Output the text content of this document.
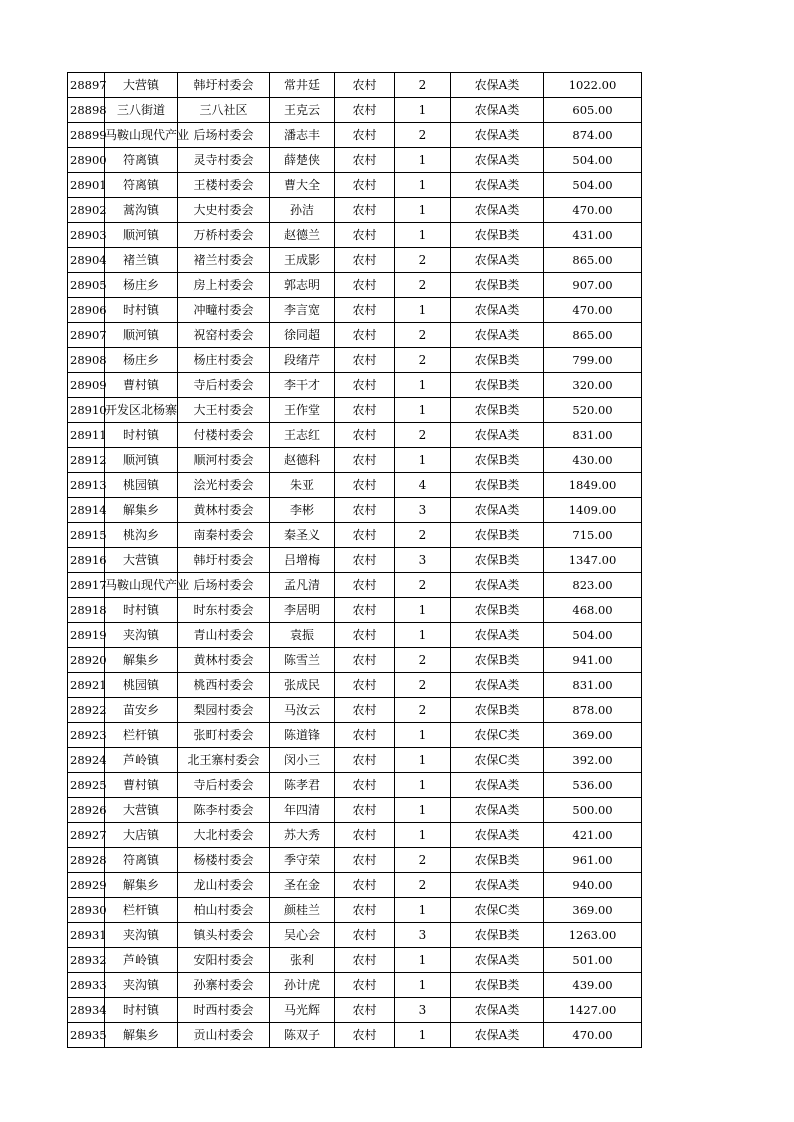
28897	大营镇	韩圩村委会	常井廷	农村	2	农保A类	1022.00
28898	三八街道	三八社区	王克云	农村	1	农保A类	605.00
28899	马鞍山现代产业	后场村委会	潘志丰	农村	2	农保A类	874.00
28900	符离镇	灵寺村委会	薛楚侠	农村	1	农保A类	504.00
28901	符离镇	王楼村委会	曹大全	农村	1	农保A类	504.00
28902	蒿沟镇	大史村委会	孙洁	农村	1	农保A类	470.00
28903	顺河镇	万桥村委会	赵德兰	农村	1	农保B类	431.00
28904	褚兰镇	褚兰村委会	王成影	农村	2	农保A类	865.00
28905	杨庄乡	房上村委会	郭志明	农村	2	农保B类	907.00
28906	时村镇	冲疃村委会	李言宽	农村	1	农保A类	470.00
28907	顺河镇	祝窑村委会	徐同超	农村	2	农保A类	865.00
28908	杨庄乡	杨庄村委会	段绪芹	农村	2	农保B类	799.00
28909	曹村镇	寺后村委会	李干才	农村	1	农保B类	320.00
28910	开发区北杨寨	大王村委会	王作堂	农村	1	农保B类	520.00
28911	时村镇	付楼村委会	王志红	农村	2	农保A类	831.00
28912	顺河镇	顺河村委会	赵德科	农村	1	农保B类	430.00
28913	桃园镇	浍光村委会	朱亚	农村	4	农保B类	1849.00
28914	解集乡	黄林村委会	李彬	农村	3	农保A类	1409.00
28915	桃沟乡	南秦村委会	秦圣义	农村	2	农保B类	715.00
28916	大营镇	韩圩村委会	吕增梅	农村	3	农保B类	1347.00
28917	马鞍山现代产业	后场村委会	孟凡清	农村	2	农保A类	823.00
28918	时村镇	时东村委会	李居明	农村	1	农保B类	468.00
28919	夹沟镇	青山村委会	袁振	农村	1	农保A类	504.00
28920	解集乡	黄林村委会	陈雪兰	农村	2	农保B类	941.00
28921	桃园镇	桃西村委会	张成民	农村	2	农保A类	831.00
28922	苗安乡	梨园村委会	马汝云	农村	2	农保B类	878.00
28923	栏杆镇	张町村委会	陈道锋	农村	1	农保C类	369.00
28924	芦岭镇	北王寨村委会	闵小三	农村	1	农保C类	392.00
28925	曹村镇	寺后村委会	陈孝君	农村	1	农保A类	536.00
28926	大营镇	陈李村委会	年四清	农村	1	农保A类	500.00
28927	大店镇	大北村委会	苏大秀	农村	1	农保A类	421.00
28928	符离镇	杨楼村委会	季守荣	农村	2	农保B类	961.00
28929	解集乡	龙山村委会	圣在金	农村	2	农保A类	940.00
28930	栏杆镇	柏山村委会	颜桂兰	农村	1	农保C类	369.00
28931	夹沟镇	镇头村委会	吴心会	农村	3	农保B类	1263.00
28932	芦岭镇	安阳村委会	张利	农村	1	农保A类	501.00
28933	夹沟镇	孙寨村委会	孙计虎	农村	1	农保B类	439.00
28934	时村镇	时西村委会	马光辉	农村	3	农保A类	1427.00
28935	解集乡	贡山村委会	陈双子	农村	1	农保A类	470.00
